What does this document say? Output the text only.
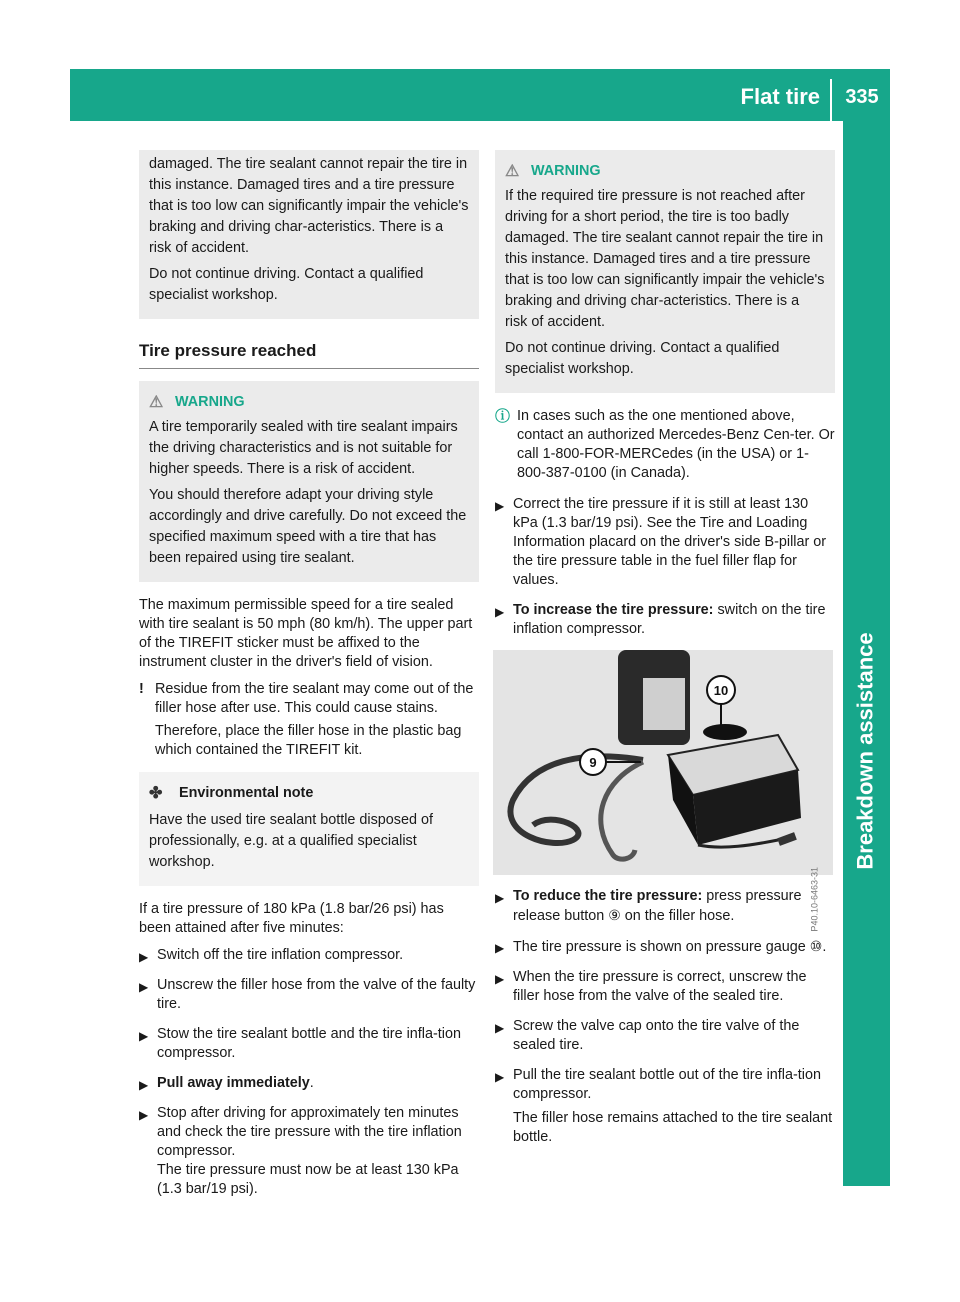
Flat tire	335
Breakdown assistance

damaged. The tire sealant cannot repair the tire in this instance. Damaged tires and a tire pressure that is too low can significantly impair the vehicle's braking and driving char-acteristics. There is a risk of accident.

Do not continue driving. Contact a qualified specialist workshop.

Tire pressure reached
⚠ WARNING

A tire temporarily sealed with tire sealant impairs the driving characteristics and is not suitable for higher speeds. There is a risk of accident.

You should therefore adapt your driving style accordingly and drive carefully. Do not exceed the specified maximum speed with a tire that has been repaired using tire sealant.

The maximum permissible speed for a tire sealed with tire sealant is 50 mph (80 km/h). The upper part of the TIREFIT sticker must be affixed to the instrument cluster in the driver's field of vision.

! Residue from the tire sealant may come out of the filler hose after use. This could cause stains.

Therefore, place the filler hose in the plastic bag which contained the TIREFIT kit.

✤	Environmental note

Have the used tire sealant bottle disposed of professionally, e.g. at a qualified specialist workshop.

If a tire pressure of 180 kPa (1.8 bar/26 psi) has been attained after five minutes:

▶ Switch off the tire inflation compressor.

▶ Unscrew the filler hose from the valve of the faulty tire.

▶ Stow the tire sealant bottle and the tire infla-tion compressor.

▶ Pull away immediately.

▶ Stop after driving for approximately ten minutes and check the tire pressure with the tire inflation compressor.

The tire pressure must now be at least 130 kPa (1.3 bar/19 psi).

⚠ WARNING

If the required tire pressure is not reached after driving for a short period, the tire is too badly damaged. The tire sealant cannot repair the tire in this instance. Damaged tires and a tire pressure that is too low can significantly impair the vehicle's braking and driving char-acteristics. There is a risk of accident.

Do not continue driving. Contact a qualified specialist workshop.

ⓘ In cases such as the one mentioned above, contact an authorized Mercedes-Benz Cen-ter. Or call 1-800-FOR-MERCedes (in the USA) or 1-800-387-0100 (in Canada).

▶ Correct the tire pressure if it is still at least 130 kPa (1.3 bar/19 psi). See the Tire and Loading Information placard on the driver's side B-pillar or the tire pressure table in the fuel filler flap for values.

▶ To increase the tire pressure: switch on the tire inflation compressor.

10
9
P40.10-6463-31
▶ To reduce the tire pressure: press pressure release button ⑨ on the filler hose.

▶ The tire pressure is shown on pressure gauge ⑩.

▶ When the tire pressure is correct, unscrew the filler hose from the valve of the sealed tire.

▶ Screw the valve cap onto the tire valve of the sealed tire.

▶ Pull the tire sealant bottle out of the tire infla-tion compressor.

The filler hose remains attached to the tire sealant bottle.
